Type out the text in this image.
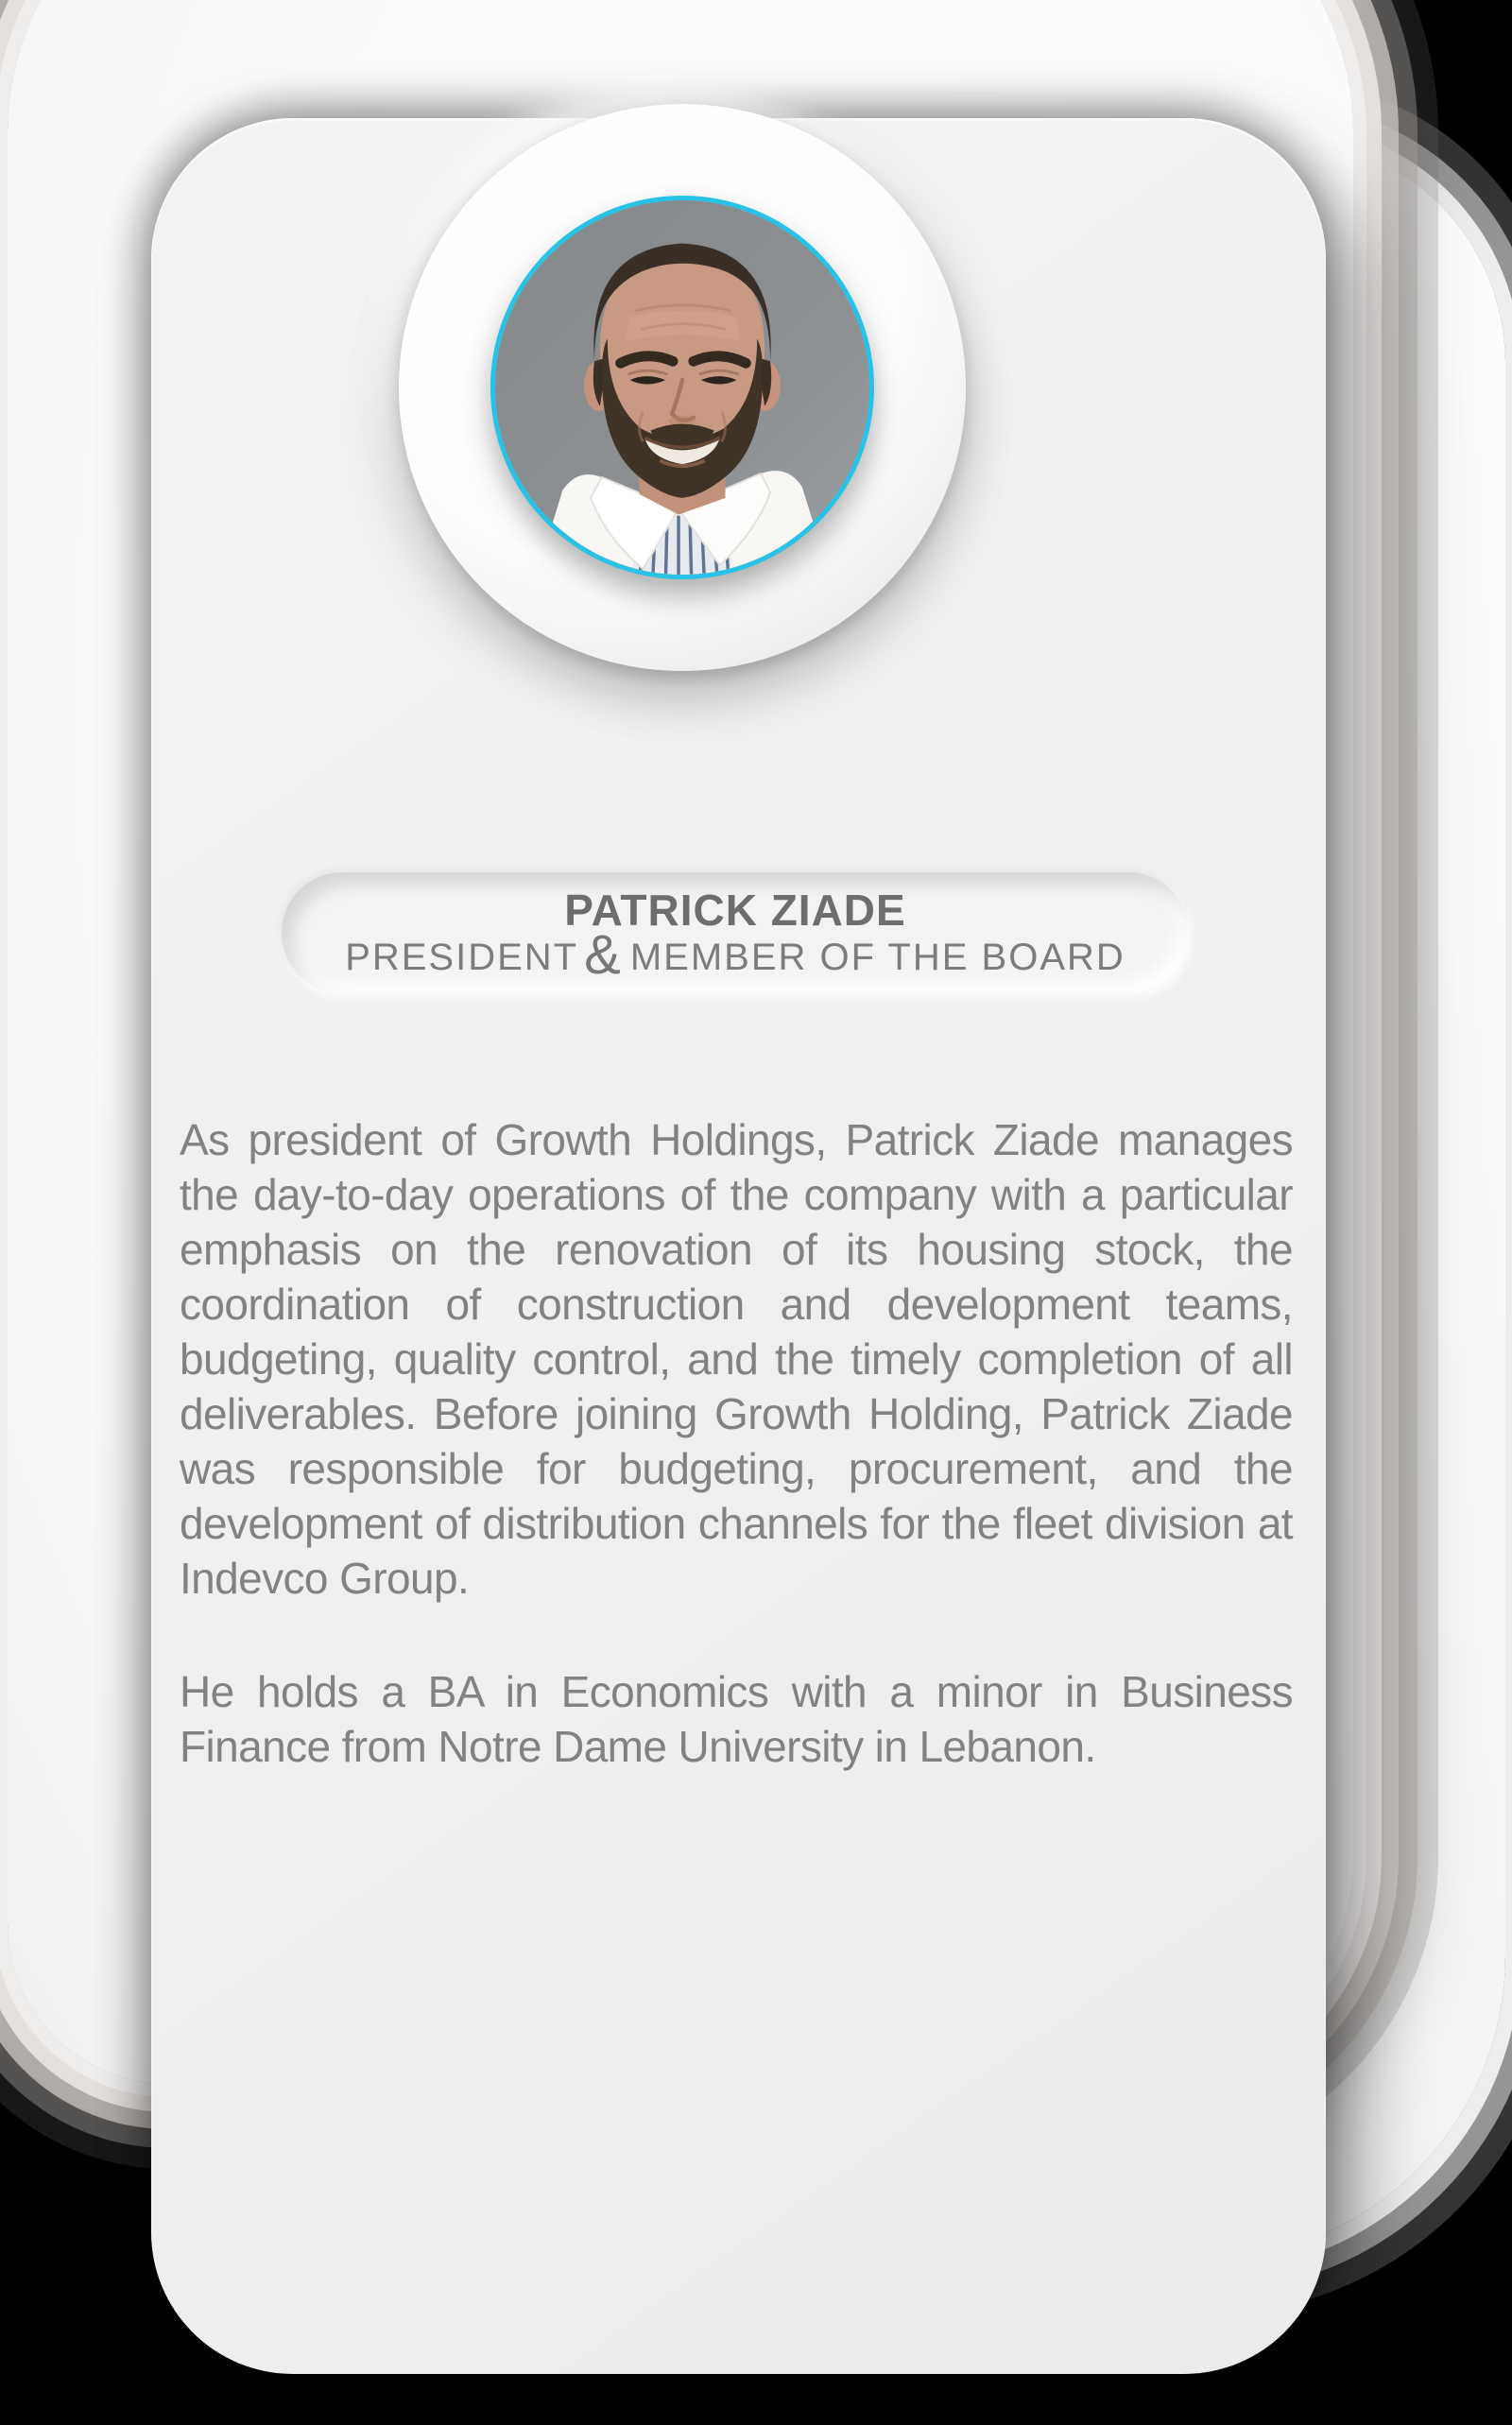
PATRICK ZIADE
PRESIDENT & MEMBER OF THE BOARD

As president of Growth Holdings, Patrick Ziade manages the day-to-day operations of the company with a particular emphasis on the renovation of its housing stock, the coordination of construction and development teams, budgeting, quality control, and the timely completion of all deliverables. Before joining Growth Holding, Patrick Ziade was responsible for budgeting, procurement, and the development of distribution channels for the fleet division at Indevco Group.

He holds a BA in Economics with a minor in Business Finance from Notre Dame University in Lebanon.
